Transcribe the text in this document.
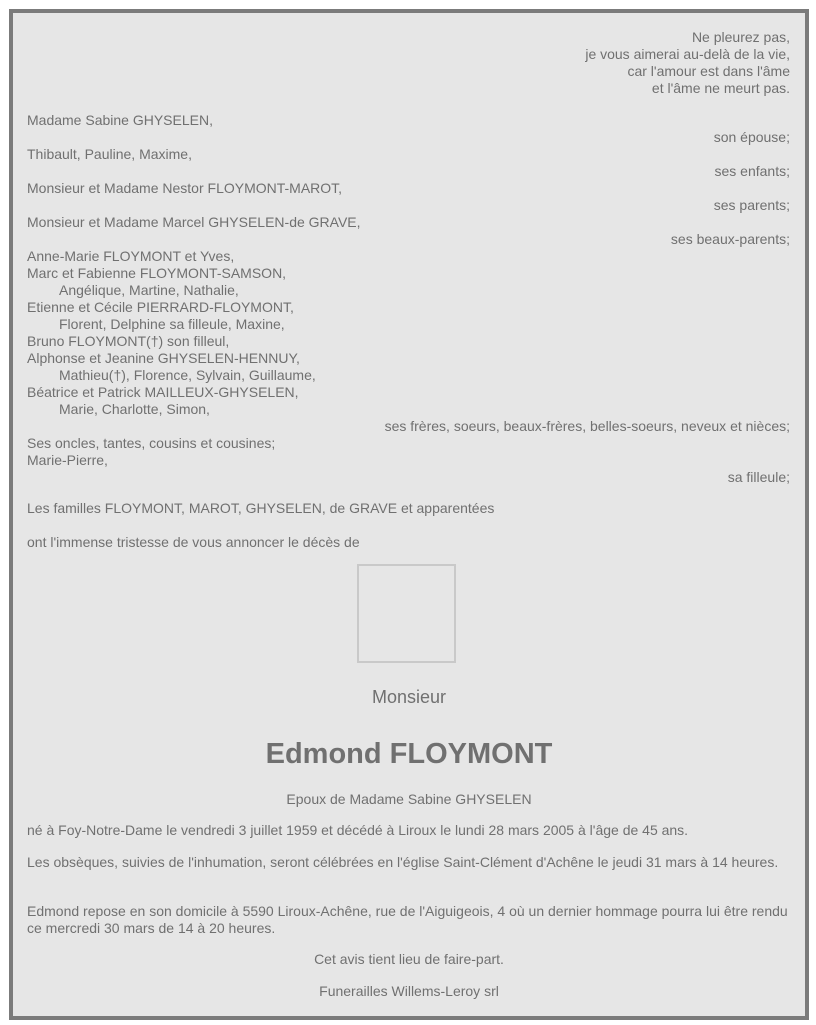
Ne pleurez pas,

je vous aimerai au-delà de la vie,

car l'amour est dans l'âme

et l'âme ne meurt pas.

Madame Sabine GHYSELEN,

son épouse;

Thibault, Pauline, Maxime,

ses enfants;

Monsieur et Madame Nestor FLOYMONT-MAROT,

ses parents;

Monsieur et Madame Marcel GHYSELEN-de GRAVE,

ses beaux-parents;

Anne-Marie FLOYMONT et Yves,

Marc et Fabienne FLOYMONT-SAMSON,

Angélique, Martine, Nathalie,

Etienne et Cécile PIERRARD-FLOYMONT,

Florent, Delphine sa filleule, Maxine,

Bruno FLOYMONT(†) son filleul,

Alphonse et Jeanine GHYSELEN-HENNUY,

Mathieu(†), Florence, Sylvain, Guillaume,

Béatrice et Patrick MAILLEUX-GHYSELEN,

Marie, Charlotte, Simon,

ses frères, soeurs, beaux-frères, belles-soeurs, neveux et nièces;

Ses oncles, tantes, cousins et cousines;

Marie-Pierre,

sa filleule;

Les familles FLOYMONT, MAROT, GHYSELEN, de GRAVE et apparentées

ont l'immense tristesse de vous annoncer le décès de

Monsieur

Edmond FLOYMONT

Epoux de Madame Sabine GHYSELEN

né à Foy-Notre-Dame le vendredi 3 juillet 1959 et décédé à Liroux le lundi 28 mars 2005 à l'âge de 45 ans.

Les obsèques, suivies de l'inhumation, seront célébrées en l'église Saint-Clément d'Achêne le jeudi 31 mars à 14 heures.

Edmond repose en son domicile à 5590 Liroux-Achêne, rue de l'Aiguigeois, 4 où un dernier hommage pourra lui être rendu ce mercredi 30 mars de 14 à 20 heures.

Cet avis tient lieu de faire-part.

Funerailles Willems-Leroy srl
